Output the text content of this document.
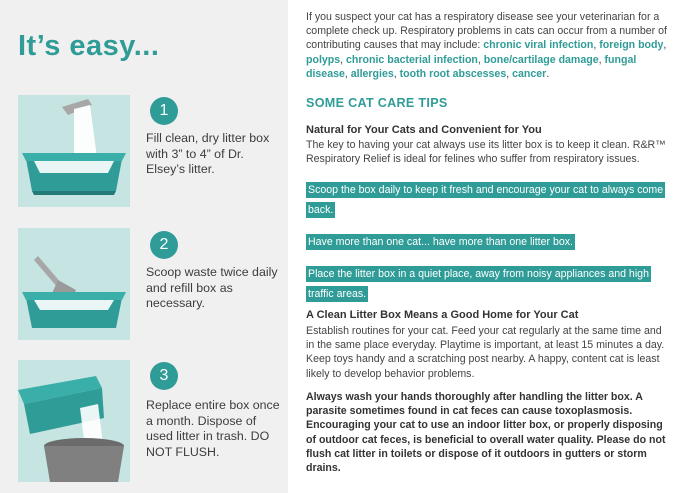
It’s easy...
1

Fill clean, dry litter box with 3” to 4” of Dr. Elsey’s litter.

2

Scoop waste twice daily and refill box as necessary.

3

Replace entire box once a month. Dispose of used litter in trash. DO NOT FLUSH.

If you suspect your cat has a respiratory disease see your veterinarian for a complete check up. Respiratory problems in cats can occur from a number of contributing causes that may include: chronic viral infection, foreign body, polyps, chronic bacterial infection, bone/cartilage damage, fungal disease, allergies, tooth root abscesses, cancer.

SOME CAT CARE TIPS
Natural for Your Cats and Convenient for You

The key to having your cat always use its litter box is to keep it clean. R&R™ Respiratory Relief is ideal for felines who suffer from respiratory issues.

Scoop the box daily to keep it fresh and encourage your cat to always come back.

Have more than one cat... have more than one litter box.

Place the litter box in a quiet place, away from noisy appliances and high traffic areas.

A Clean Litter Box Means a Good Home for Your Cat

Establish routines for your cat. Feed your cat regularly at the same time and in the same place everyday. Playtime is important, at least 15 minutes a day. Keep toys handy and a scratching post nearby. A happy, content cat is least likely to develop behavior problems.

Always wash your hands thoroughly after handling the litter box. A parasite sometimes found in cat feces can cause toxoplasmosis. Encouraging your cat to use an indoor litter box, or properly disposing of outdoor cat feces, is beneficial to overall water quality. Please do not flush cat litter in toilets or dispose of it outdoors in gutters or storm drains.
